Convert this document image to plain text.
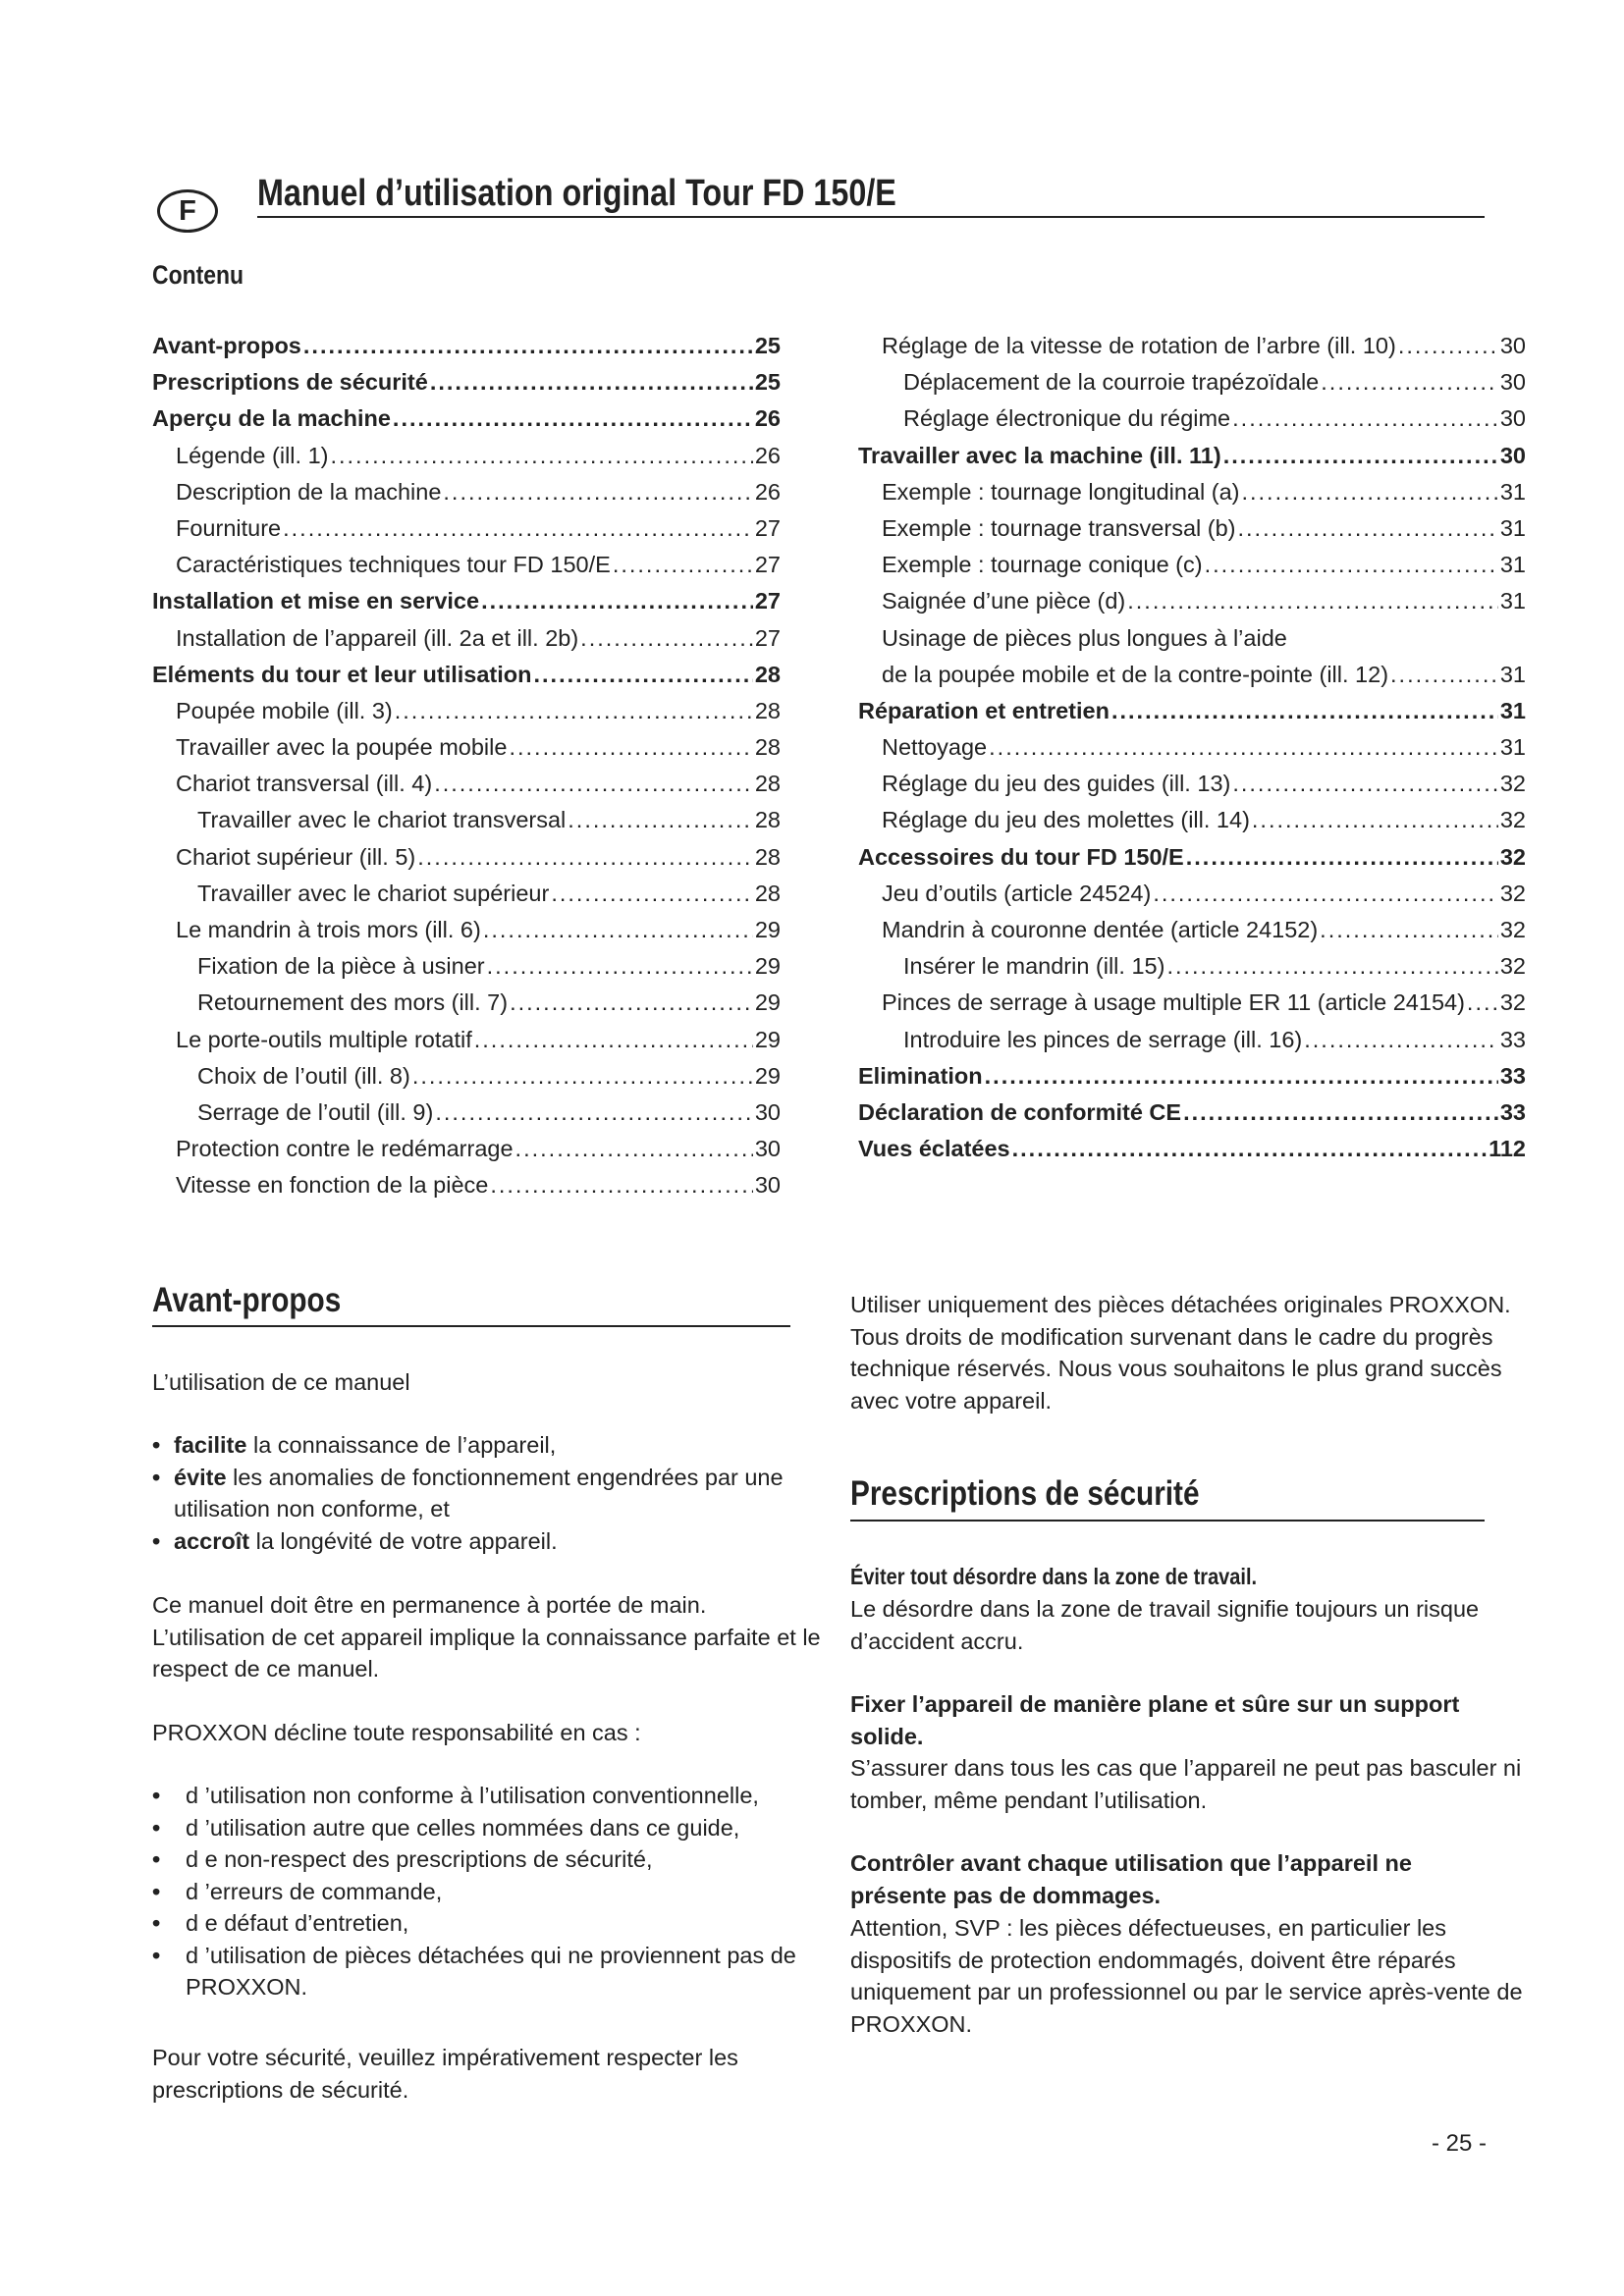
F	Manuel d’utilisation original Tour FD 150/E
Contenu
Avant-propos .....	25
Prescriptions de sécurité .....	25
Aperçu de la machine .....	26
Légende (ill. 1) .....	26
Description de la machine .....	26
Fourniture .....	27
Caractéristiques techniques tour FD 150/E .....	27
Installation et mise en service .....	27
Installation de l’appareil (ill. 2a et ill. 2b) .....	27
Eléments du tour et leur utilisation .....	28
Poupée mobile (ill. 3) .....	28
Travailler avec la poupée mobile .....	28
Chariot transversal (ill. 4) .....	28
Travailler avec le chariot transversal .....	28
Chariot supérieur (ill. 5) .....	28
Travailler avec le chariot supérieur .....	28
Le mandrin à trois mors (ill. 6) .....	29
Fixation de la pièce à usiner .....	29
Retournement des mors (ill. 7) .....	29
Le porte-outils multiple rotatif .....	29
Choix de l’outil (ill. 8) .....	29
Serrage de l’outil (ill. 9) .....	30
Protection contre le redémarrage .....	30
Vitesse en fonction de la pièce .....	30
Réglage de la vitesse de rotation de l’arbre (ill. 10) .....	30
Déplacement de la courroie trapézoïdale .....	30
Réglage électronique du régime .....	30
Travailler avec la machine (ill. 11) .....	30
Exemple : tournage longitudinal (a) .....	31
Exemple : tournage transversal (b) .....	31
Exemple : tournage conique (c) .....	31
Saignée d’une pièce (d) .....	31
Usinage de pièces plus longues à l’aide
de la poupée mobile et de la contre-pointe (ill. 12) .....	31
Réparation et entretien .....	31
Nettoyage .....	31
Réglage du jeu des guides (ill. 13) .....	32
Réglage du jeu des molettes (ill. 14) .....	32
Accessoires du tour FD 150/E .....	32
Jeu d’outils (article 24524) .....	32
Mandrin à couronne dentée (article 24152) .....	32
Insérer le mandrin (ill. 15) .....	32
Pinces de serrage à usage multiple ER 11 (article 24154) ..... 32
Introduire les pinces de serrage (ill. 16) .....	33
Elimination .....	33
Déclaration de conformité CE .....	33
Vues éclatées .....	112
Avant-propos
L’utilisation de ce manuel
• facilite la connaissance de l’appareil,
• évite les anomalies de fonctionnement engendrées par une utilisation non conforme, et
• accroît la longévité de votre appareil.
Ce manuel doit être en permanence à portée de main. L’utilisation de cet appareil implique la connaissance parfaite et le respect de ce manuel.
PROXXON décline toute responsabilité en cas :
• d ’utilisation non conforme à l’utilisation conventionnelle,
• d ’utilisation autre que celles nommées dans ce guide,
• d e non-respect des prescriptions de sécurité,
• d ’erreurs de commande,
• d e défaut d’entretien,
• d ’utilisation de pièces détachées qui ne proviennent pas de PROXXON.
Pour votre sécurité, veuillez impérativement respecter les prescriptions de sécurité.
Utiliser uniquement des pièces détachées originales PROXXON. Tous droits de modification survenant dans le cadre du progrès technique réservés. Nous vous souhaitons le plus grand succès avec votre appareil.
Prescriptions de sécurité
Éviter tout désordre dans la zone de travail.
Le désordre dans la zone de travail signifie toujours un risque d’accident accru.
Fixer l’appareil de manière plane et sûre sur un support solide.
S’assurer dans tous les cas que l’appareil ne peut pas basculer ni tomber, même pendant l’utilisation.
Contrôler avant chaque utilisation que l’appareil ne présente pas de dommages.
Attention, SVP : les pièces défectueuses, en particulier les dispositifs de protection endommagés, doivent être réparés uniquement par un professionnel ou par le service après-vente de PROXXON.
- 25 -
